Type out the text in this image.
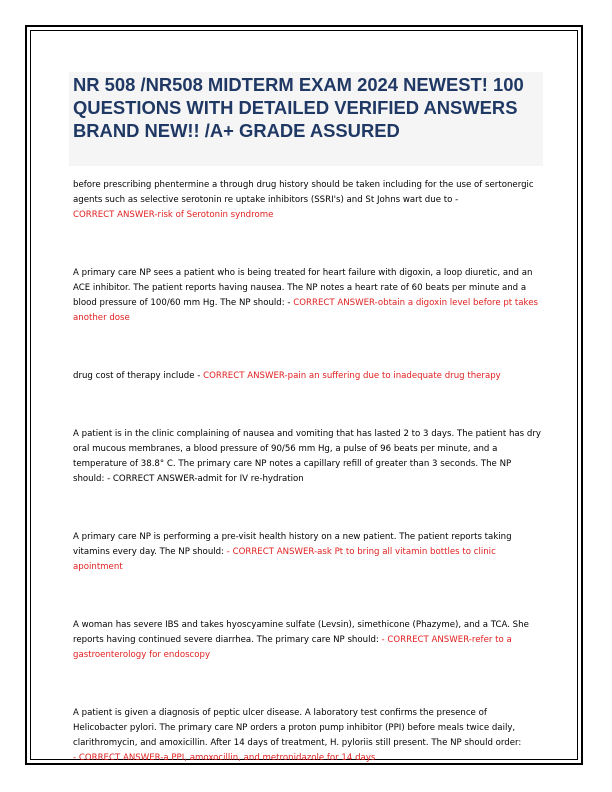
NR 508 /NR508 MIDTERM EXAM 2024 NEWEST! 100 QUESTIONS WITH DETAILED VERIFIED ANSWERS BRAND NEW!! /A+ GRADE ASSURED

before prescribing phentermine a through drug history should be taken including for the use of sertonergic agents such as selective serotonin re uptake inhibitors (SSRI's) and St Johns wart due to -
CORRECT ANSWER-risk of Serotonin syndrome

A primary care NP sees a patient who is being treated for heart failure with digoxin, a loop diuretic, and an ACE inhibitor. The patient reports having nausea. The NP notes a heart rate of 60 beats per minute and a blood pressure of 100/60 mm Hg. The NP should: - CORRECT ANSWER-obtain a digoxin level before pt takes another dose

drug cost of therapy include - CORRECT ANSWER-pain an suffering due to inadequate drug therapy

A patient is in the clinic complaining of nausea and vomiting that has lasted 2 to 3 days. The patient has dry oral mucous membranes, a blood pressure of 90/56 mm Hg, a pulse of 96 beats per minute, and a temperature of 38.8° C. The primary care NP notes a capillary refill of greater than 3 seconds. The NP should: - CORRECT ANSWER-admit for IV re-hydration

A primary care NP is performing a pre-visit health history on a new patient. The patient reports taking vitamins every day. The NP should: - CORRECT ANSWER-ask Pt to bring all vitamin bottles to clinic apointment

A woman has severe IBS and takes hyoscyamine sulfate (Levsin), simethicone (Phazyme), and a TCA. She reports having continued severe diarrhea. The primary care NP should: - CORRECT ANSWER-refer to a gastroenterology for endoscopy

A patient is given a diagnosis of peptic ulcer disease. A laboratory test confirms the presence of Helicobacter pylori. The primary care NP orders a proton pump inhibitor (PPI) before meals twice daily, clarithromycin, and amoxicillin. After 14 days of treatment, H. pyloriis still present. The NP should order:
- CORRECT ANSWER-a PPI, amoxocillin, and metronidazole for 14 days
